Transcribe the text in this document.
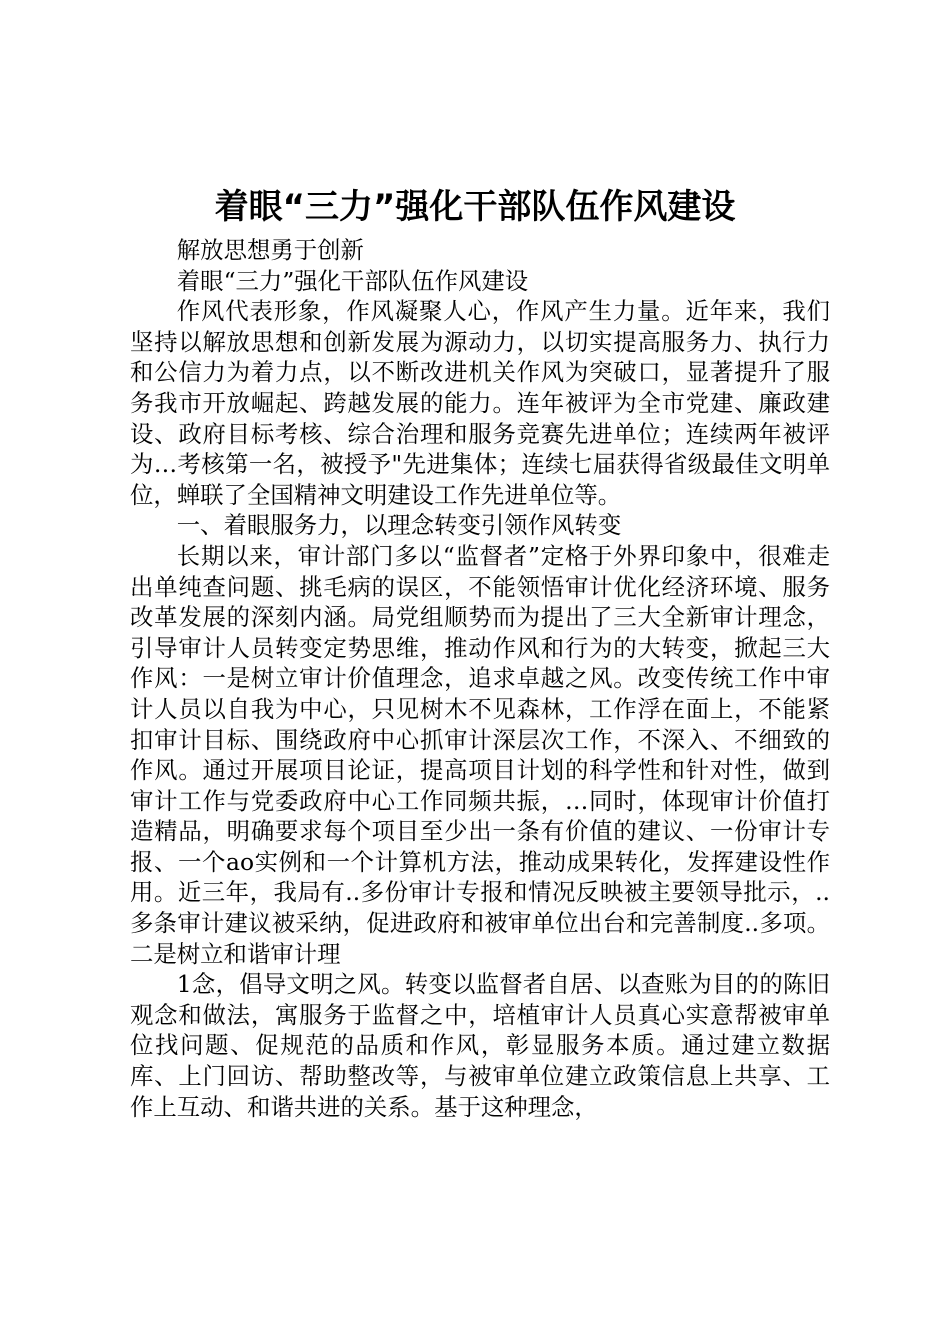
着眼“三力”强化干部队伍作风建设

解放思想勇于创新

着眼“三力”强化干部队伍作风建设

作风代表形象，作风凝聚人心，作风产生力量。近年来，我们坚持以解放思想和创新发展为源动力，以切实提高服务力、执行力和公信力为着力点，以不断改进机关作风为突破口，显著提升了服务我市开放崛起、跨越发展的能力。连年被评为全市党建、廉政建设、政府目标考核、综合治理和服务竞赛先进单位；连续两年被评为…考核第一名，被授予"先进集体；连续七届获得省级最佳文明单位，蝉联了全国精神文明建设工作先进单位等。

一、着眼服务力，以理念转变引领作风转变

长期以来，审计部门多以“监督者”定格于外界印象中，很难走出单纯查问题、挑毛病的误区，不能领悟审计优化经济环境、服务改革发展的深刻内涵。局党组顺势而为提出了三大全新审计理念，引导审计人员转变定势思维，推动作风和行为的大转变，掀起三大作风：一是树立审计价值理念，追求卓越之风。改变传统工作中审计人员以自我为中心，只见树木不见森林，工作浮在面上，不能紧扣审计目标、围绕政府中心抓审计深层次工作，不深入、不细致的作风。通过开展项目论证，提高项目计划的科学性和针对性，做到审计工作与党委政府中心工作同频共振，…同时，体现审计价值打造精品，明确要求每个项目至少出一条有价值的建议、一份审计专报、一个ao实例和一个计算机方法，推动成果转化，发挥建设性作用。近三年，我局有..多份审计专报和情况反映被主要领导批示，..多条审计建议被采纳，促进政府和被审单位出台和完善制度..多项。二是树立和谐审计理

1念，倡导文明之风。转变以监督者自居、以查账为目的的陈旧观念和做法，寓服务于监督之中，培植审计人员真心实意帮被审单位找问题、促规范的品质和作风，彰显服务本质。通过建立数据库、上门回访、帮助整改等，与被审单位建立政策信息上共享、工作上互动、和谐共进的关系。基于这种理念，
